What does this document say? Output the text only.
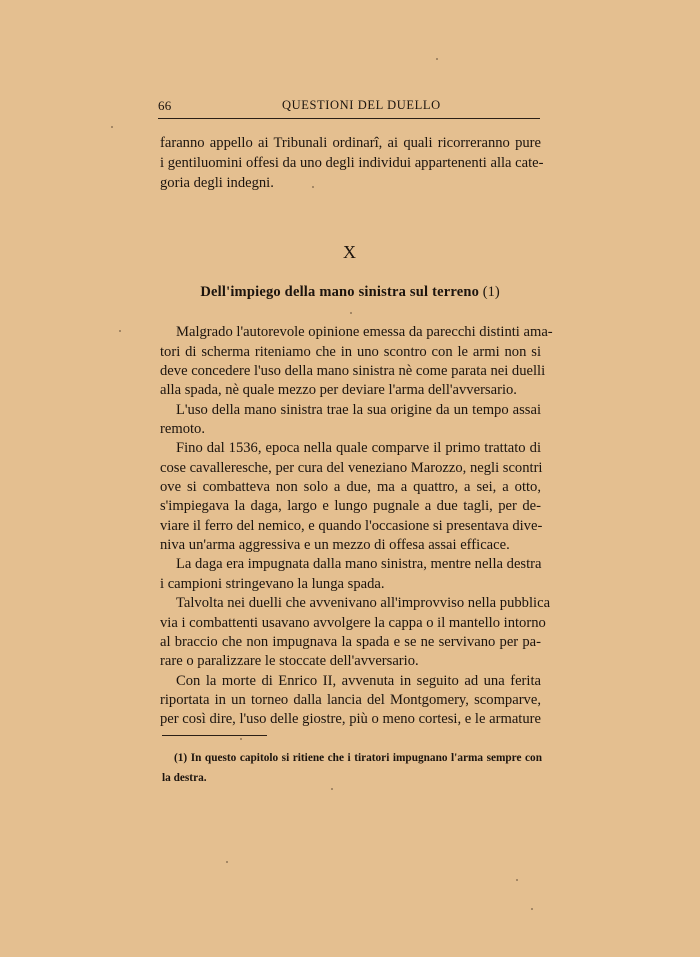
66	QUESTIONI DEL DUELLO
faranno appello ai Tribunali ordinarî, ai quali ricorreranno pure
i gentiluomini offesi da uno degli individui appartenenti alla cate-
goria degli indegni.
X
Dell'impiego della mano sinistra sul terreno (1)
Malgrado l'autorevole opinione emessa da parecchi distinti ama-
tori di scherma riteniamo che in uno scontro con le armi non si
deve concedere l'uso della mano sinistra nè come parata nei duelli
alla spada, nè quale mezzo per deviare l'arma dell'avversario.
L'uso della mano sinistra trae la sua origine da un tempo assai
remoto.
Fino dal 1536, epoca nella quale comparve il primo trattato di
cose cavalleresche, per cura del veneziano Marozzo, negli scontri
ove si combatteva non solo a due, ma a quattro, a sei, a otto,
s'impiegava la daga, largo e lungo pugnale a due tagli, per de-
viare il ferro del nemico, e quando l'occasione si presentava dive-
niva un'arma aggressiva e un mezzo di offesa assai efficace.
La daga era impugnata dalla mano sinistra, mentre nella destra
i campioni stringevano la lunga spada.
Talvolta nei duelli che avvenivano all'improvviso nella pubblica
via i combattenti usavano avvolgere la cappa o il mantello intorno
al braccio che non impugnava la spada e se ne servivano per pa-
rare o paralizzare le stoccate dell'avversario.
Con la morte di Enrico II, avvenuta in seguito ad una ferita
riportata in un torneo dalla lancia del Montgomery, scomparve,
per così dire, l'uso delle giostre, più o meno cortesi, e le armature
(1) In questo capitolo si ritiene che i tiratori impugnano l'arma sempre con
la destra.
